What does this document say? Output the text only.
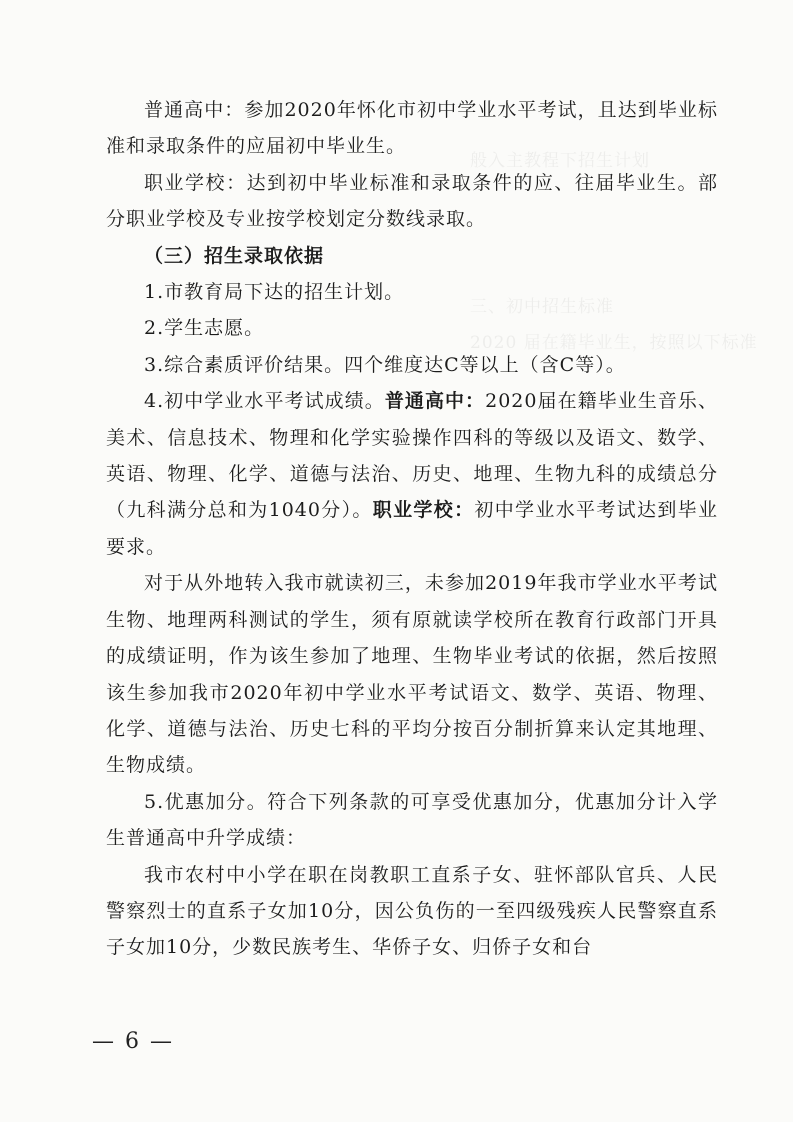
般入主教程下招生计划
三、初中招生标准
2020 届在籍毕业生，按照以下标准

普通高中：参加2020年怀化市初中学业水平考试，且达到毕业标准和录取条件的应届初中毕业生。

职业学校：达到初中毕业标准和录取条件的应、往届毕业生。部分职业学校及专业按学校划定分数线录取。

（三）招生录取依据

1.市教育局下达的招生计划。

2.学生志愿。

3.综合素质评价结果。四个维度达C等以上（含C等）。

4.初中学业水平考试成绩。普通高中：2020届在籍毕业生音乐、美术、信息技术、物理和化学实验操作四科的等级以及语文、数学、英语、物理、化学、道德与法治、历史、地理、生物九科的成绩总分（九科满分总和为1040分）。职业学校：初中学业水平考试达到毕业要求。

对于从外地转入我市就读初三，未参加2019年我市学业水平考试生物、地理两科测试的学生，须有原就读学校所在教育行政部门开具的成绩证明，作为该生参加了地理、生物毕业考试的依据，然后按照该生参加我市2020年初中学业水平考试语文、数学、英语、物理、化学、道德与法治、历史七科的平均分按百分制折算来认定其地理、生物成绩。

5.优惠加分。符合下列条款的可享受优惠加分，优惠加分计入学生普通高中升学成绩：

我市农村中小学在职在岗教职工直系子女、驻怀部队官兵、人民警察烈士的直系子女加10分，因公负伤的一至四级残疾人民警察直系子女加10分，少数民族考生、华侨子女、归侨子女和台

— 6 —
